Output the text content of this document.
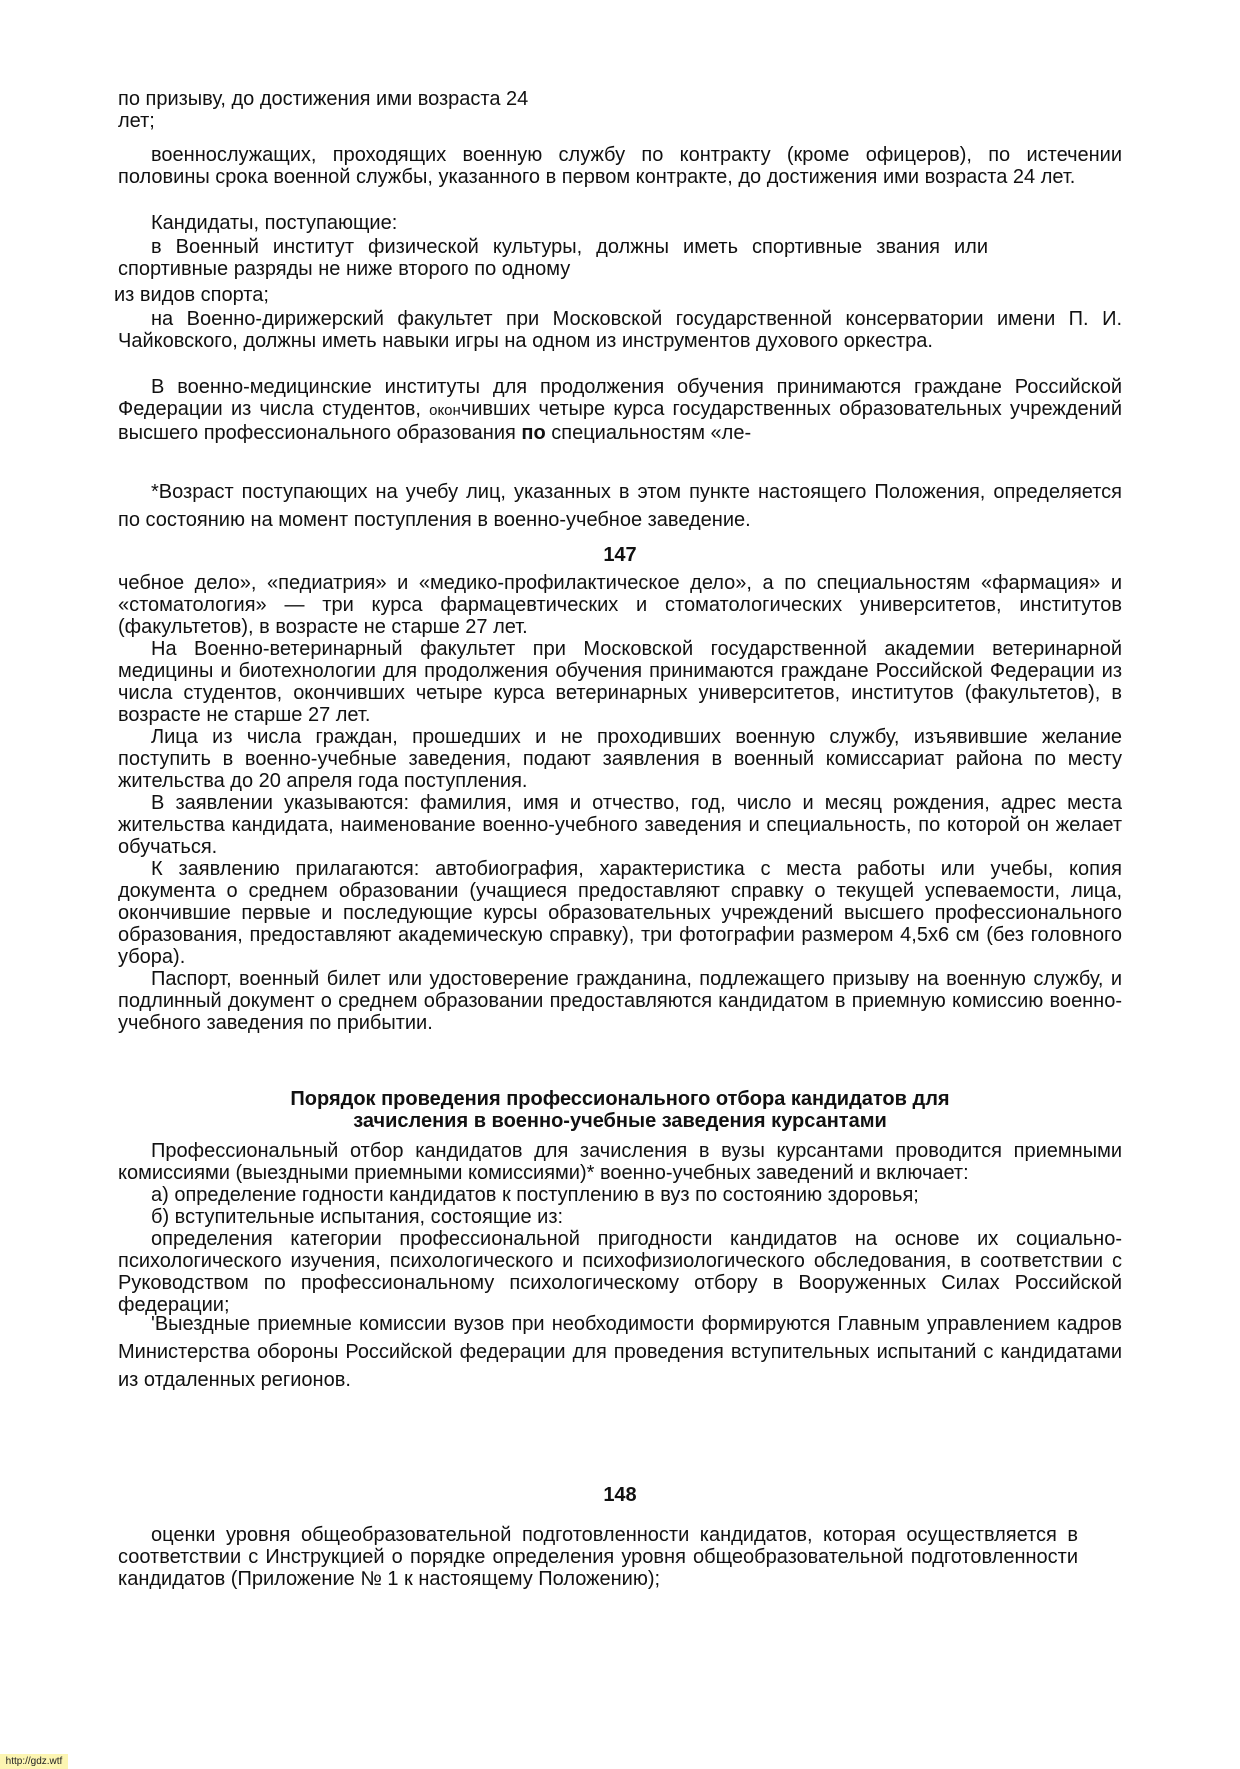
по призыву, до достижения ими возраста 24

лет;

военнослужащих, проходящих военную службу по контракту (кроме офицеров), по истечении половины срока военной службы, указанного в первом контракте, до достижения ими возраста 24 лет.

Кандидаты, поступающие:

в Военный институт физической культуры, должны иметь спортивные звания или спортивные разряды не ниже второго по одному

из видов спорта;

на Военно-дирижерский факультет при Московской государственной консерватории имени П. И. Чайковского, должны иметь навыки игры на одном из инструментов духового оркестра.

В военно-медицинские институты для продолжения обучения принимаются граждане Российской Федерации из числа студентов, окончивших четыре курса государственных образовательных учреждений высшего профессионального образования по специальностям «ле-

*Возраст поступающих на учебу лиц, указанных в этом пункте настоящего Положения, определяется по состоянию на момент поступления в военно-учебное заведение.

147

чебное дело», «педиатрия» и «медико-профилактическое дело», а по специальностям «фармация» и «стоматология» — три курса фармацевтических и стоматологических университетов, институтов (факультетов), в возрасте не старше 27 лет.

На Военно-ветеринарный факультет при Московской государственной академии ветеринарной медицины и биотехнологии для продолжения обучения принимаются граждане Российской Федерации из числа студентов, окончивших четыре курса ветеринарных университетов, институтов (факультетов), в возрасте не старше 27 лет.

Лица из числа граждан, прошедших и не проходивших военную службу, изъявившие желание поступить в военно-учебные заведения, подают заявления в военный комиссариат района по месту жительства до 20 апреля года поступления.

В заявлении указываются: фамилия, имя и отчество, год, число и месяц рождения, адрес места жительства кандидата, наименование военно-учебного заведения и специальность, по которой он желает обучаться.

К заявлению прилагаются: автобиография, характеристика с места работы или учебы, копия документа о среднем образовании (учащиеся предоставляют справку о текущей успеваемости, лица, окончившие первые и последующие курсы образовательных учреждений высшего профессионального образования, предоставляют академическую справку), три фотографии размером 4,5х6 см (без головного убора).

Паспорт, военный билет или удостоверение гражданина, подлежащего призыву на военную службу, и подлинный документ о среднем образовании предоставляются кандидатом в приемную комиссию военно-учебного заведения по прибытии.

Порядок проведения профессионального отбора кандидатов для

зачисления в военно-учебные заведения курсантами

Профессиональный отбор кандидатов для зачисления в вузы курсантами проводится приемными комиссиями (выездными приемными комиссиями)* военно-учебных заведений и включает:

а) определение годности кандидатов к поступлению в вуз по состоянию здоровья;

б) вступительные испытания, состоящие из:

определения категории профессиональной пригодности кандидатов на основе их социально-психологического изучения, психологического и психофизиологического обследования, в соответствии с Руководством по профессиональному психологическому отбору в Вооруженных Силах Российской федерации;

'Выездные приемные комиссии вузов при необходимости формируются Главным управлением кадров Министерства обороны Российской федерации для проведения вступительных испытаний с кандидатами из отдаленных регионов.

148

оценки уровня общеобразовательной подготовленности кандидатов, которая осуществляется в соответствии с Инструкцией о порядке определения уровня общеобразовательной подготовленности кандидатов (Приложение № 1 к настоящему Положению);

http://gdz.wtf
